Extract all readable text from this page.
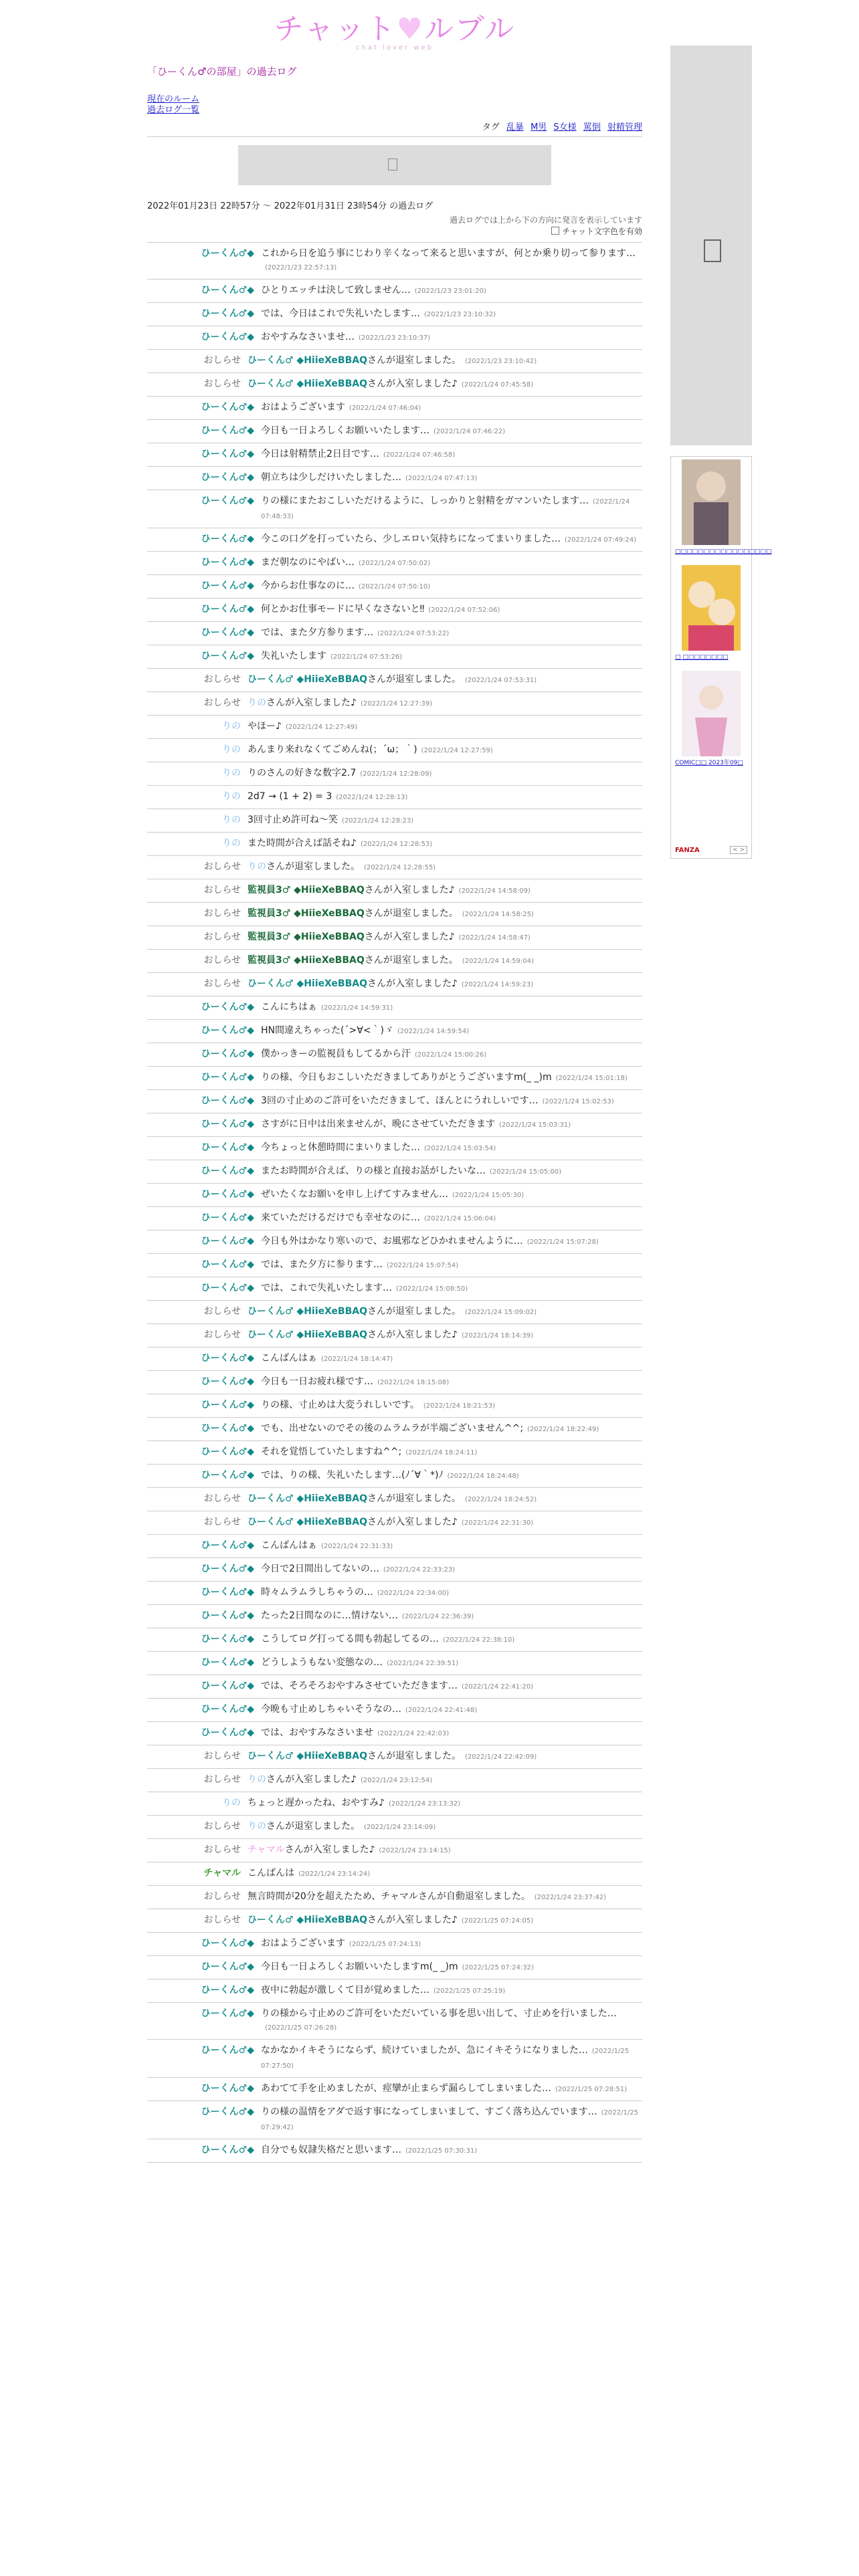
チャット♥ルブル
chat lover web
「ひーくん♂の部屋」の過去ログ
現在のルーム
過去ログ一覧
タグ 乱暴 M男 S女様 罵倒 射精管理
2022年01月23日 22時57分 〜 2022年01月31日 23時54分 の過去ログ
過去ログでは上から下の方向に発言を表示しています
チャット文字色を有効
ひーくん♂◆ これから日を追う事にじわり辛くなって来ると思いますが、何とか乗り切って参ります…(2022/1/23 22:57:13)
ひーくん♂◆ ひとりエッチは決して致しません… (2022/1/23 23:01:20)
ひーくん♂◆ では、今日はこれで失礼いたします… (2022/1/23 23:10:32)
ひーくん♂◆ おやすみなさいませ… (2022/1/23 23:10:37)
おしらせ ひーくん♂ ◆HiieXeBBAQさんが退室しました。 (2022/1/23 23:10:42)
おしらせ ひーくん♂ ◆HiieXeBBAQさんが入室しました♪ (2022/1/24 07:45:58)
ひーくん♂◆ おはようございます (2022/1/24 07:46:04)
ひーくん♂◆ 今日も一日よろしくお願いいたします… (2022/1/24 07:46:22)
ひーくん♂◆ 今日は射精禁止2日目です… (2022/1/24 07:46:58)
ひーくん♂◆ 朝立ちは少しだけいたしました… (2022/1/24 07:47:13)
ひーくん♂◆ りの様にまたおこしいただけるように、しっかりと射精をガマンいたします… (2022/1/24 07:48:33)
ひーくん♂◆ 今この口グを打っていたら、少しエロい気持ちになってまいりました… (2022/1/24 07:49:24)
ひーくん♂◆ まだ朝なのにやばい… (2022/1/24 07:50:02)
ひーくん♂◆ 今からお仕事なのに… (2022/1/24 07:50:10)
ひーくん♂◆ 何とかお仕事モードに早くなさないと‼ (2022/1/24 07:52:06)
ひーくん♂◆ では、また夕方参ります… (2022/1/24 07:53:22)
ひーくん♂◆ 失礼いたします (2022/1/24 07:53:26)
おしらせ ひーくん♂ ◆HiieXeBBAQさんが退室しました。 (2022/1/24 07:53:31)
おしらせ りのさんが入室しました♪ (2022/1/24 12:27:39)
りの やほー♪ (2022/1/24 12:27:49)
りの あんまり来れなくてごめんね(；´ω；｀) (2022/1/24 12:27:59)
りの りのさんの好きな数字2.7 (2022/1/24 12:28:09)
りの 2d7 → (1 + 2) = 3 (2022/1/24 12:28:13)
りの 3回寸止め許可ね〜笑 (2022/1/24 12:28:23)
りの また時間が合えば話そね♪ (2022/1/24 12:28:53)
おしらせ りのさんが退室しました。 (2022/1/24 12:28:55)
おしらせ 監視員3♂ ◆HiieXeBBAQさんが入室しました♪ (2022/1/24 14:58:09)
おしらせ 監視員3♂ ◆HiieXeBBAQさんが退室しました。 (2022/1/24 14:58:25)
おしらせ 監視員3♂ ◆HiieXeBBAQさんが入室しました♪ (2022/1/24 14:58:47)
おしらせ 監視員3♂ ◆HiieXeBBAQさんが退室しました。 (2022/1/24 14:59:04)
おしらせ ひーくん♂ ◆HiieXeBBAQさんが入室しました♪ (2022/1/24 14:59:23)
ひーくん♂◆ こんにちはぁ (2022/1/24 14:59:31)
ひーくん♂◆ HN間違えちゃった(´>∀<｀)ゞ (2022/1/24 14:59:54)
ひーくん♂◆ 僕かっきーの監視員もしてるから汗 (2022/1/24 15:00:26)
ひーくん♂◆ りの様、今日もおこしいただきましてありがとうございますm(_ _)m (2022/1/24 15:01:18)
ひーくん♂◆ 3回の寸止めのご許可をいただきまして、ほんとにうれしいです… (2022/1/24 15:02:53)
ひーくん♂◆ さすがに日中は出来ませんが、晩にさせていただきます (2022/1/24 15:03:31)
ひーくん♂◆ 今ちょっと休憩時間にまいりました… (2022/1/24 15:03:54)
ひーくん♂◆ またお時間が合えば、りの様と直接お話がしたいな… (2022/1/24 15:05:00)
ひーくん♂◆ ぜいたくなお願いを申し上げてすみません… (2022/1/24 15:05:30)
ひーくん♂◆ 来ていただけるだけでも幸せなのに… (2022/1/24 15:06:04)
ひーくん♂◆ 今日も外はかなり寒いので、お風邪などひかれませんように… (2022/1/24 15:07:28)
ひーくん♂◆ では、また夕方に参ります… (2022/1/24 15:07:54)
ひーくん♂◆ では、これで失礼いたします… (2022/1/24 15:08:50)
おしらせ ひーくん♂ ◆HiieXeBBAQさんが退室しました。 (2022/1/24 15:09:02)
おしらせ ひーくん♂ ◆HiieXeBBAQさんが入室しました♪ (2022/1/24 18:14:39)
ひーくん♂◆ こんばんはぁ (2022/1/24 18:14:47)
ひーくん♂◆ 今日も一日お疲れ様です… (2022/1/24 18:15:08)
ひーくん♂◆ りの様、寸止めは大変うれしいです。 (2022/1/24 18:21:53)
ひーくん♂◆ でも、出せないのでその後のムラムラが半端ございません^^; (2022/1/24 18:22:49)
ひーくん♂◆ それを覚悟していたしますね^^; (2022/1/24 18:24:11)
ひーくん♂◆ では、りの様、失礼いたします…(ﾉ´∀｀*)ﾉ (2022/1/24 18:24:48)
おしらせ ひーくん♂ ◆HiieXeBBAQさんが退室しました。 (2022/1/24 18:24:52)
おしらせ ひーくん♂ ◆HiieXeBBAQさんが入室しました♪ (2022/1/24 22:31:30)
ひーくん♂◆ こんばんはぁ (2022/1/24 22:31:33)
ひーくん♂◆ 今日で2日間出してないの… (2022/1/24 22:33:23)
ひーくん♂◆ 時々ムラムラしちゃうの… (2022/1/24 22:34:00)
ひーくん♂◆ たった2日間なのに…情けない… (2022/1/24 22:36:39)
ひーくん♂◆ こうしてログ打ってる間も勃起してるの… (2022/1/24 22:38:10)
ひーくん♂◆ どうしようもない変態なの… (2022/1/24 22:39:51)
ひーくん♂◆ では、そろそろおやすみさせていただきます… (2022/1/24 22:41:20)
ひーくん♂◆ 今晩も寸止めしちゃいそうなの… (2022/1/24 22:41:48)
ひーくん♂◆ では、おやすみなさいませ (2022/1/24 22:42:03)
おしらせ ひーくん♂ ◆HiieXeBBAQさんが退室しました。 (2022/1/24 22:42:09)
おしらせ りのさんが入室しました♪ (2022/1/24 23:12:54)
りの ちょっと遅かったね、おやすみ♪ (2022/1/24 23:13:32)
おしらせ りのさんが退室しました。 (2022/1/24 23:14:09)
おしらせ チャマルさんが入室しました♪ (2022/1/24 23:14:15)
チャマル こんばんは (2022/1/24 23:14:24)
おしらせ 無言時間が20分を超えたため、チャマルさんが自動退室しました。 (2022/1/24 23:37:42)
おしらせ ひーくん♂ ◆HiieXeBBAQさんが入室しました♪ (2022/1/25 07:24:05)
ひーくん♂◆ おはようございます (2022/1/25 07:24:13)
ひーくん♂◆ 今日も一日よろしくお願いいたしますm(_ _)m (2022/1/25 07:24:32)
ひーくん♂◆ 夜中に勃起が激しくて目が覚めました… (2022/1/25 07:25:19)
ひーくん♂◆ りの様から寸止めのご許可をいただいている事を思い出して、寸止めを行いました…(2022/1/25 07:26:28)
ひーくん♂◆ なかなかイキそうにならず、続けていましたが、急にイキそうになりました… (2022/1/25 07:27:50)
ひーくん♂◆ あわてて手を止めましたが、痙攣が止まらず漏らしてしまいました… (2022/1/25 07:28:51)
ひーくん♂◆ りの様の温情をアダで返す事になってしまいまして、すごく落ち込んでいます… (2022/1/25 07:29:42)
ひーくん♂◆ 自分でも奴隷失格だと思います… (2022/1/25 07:30:31)
□□□□□□□□□□□□□□□□□
□ □□□□□□□□
COMIC□□ 2023年09□
FANZA	< >
